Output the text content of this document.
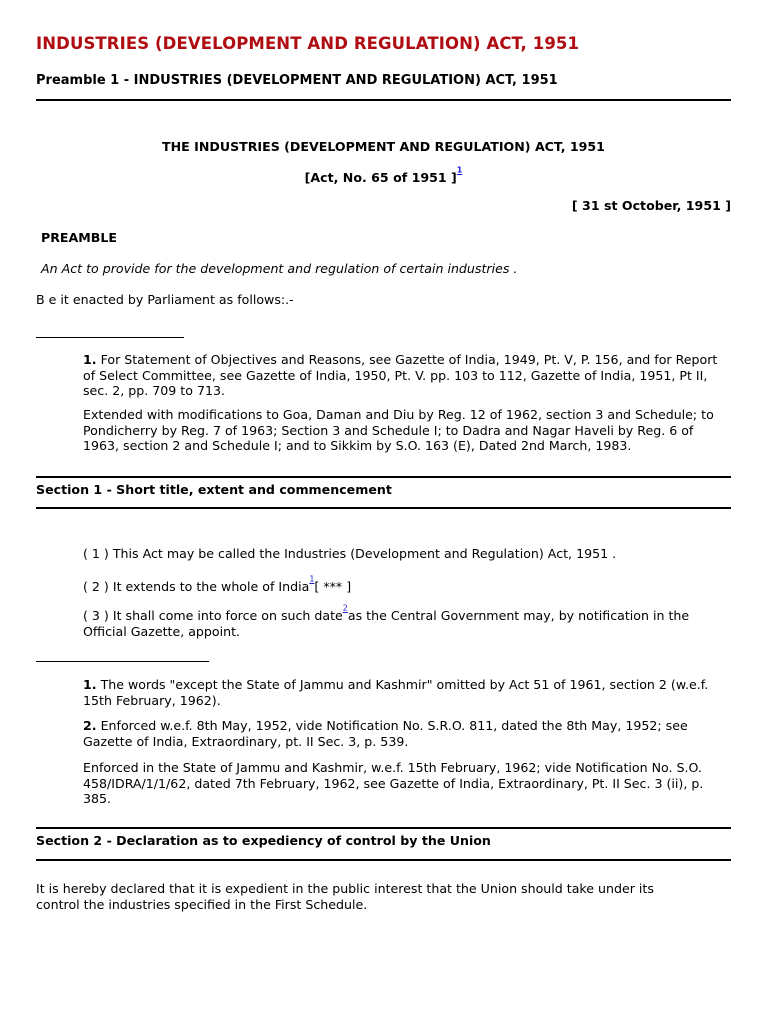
INDUSTRIES (DEVELOPMENT AND REGULATION) ACT, 1951
Preamble 1 - INDUSTRIES (DEVELOPMENT AND REGULATION) ACT, 1951
THE INDUSTRIES (DEVELOPMENT AND REGULATION) ACT, 1951
[Act, No. 65 of 1951 ]$^{^1}$
[ 31 st October, 1951 ]
PREAMBLE
An Act to provide for the development and regulation of certain industries .
B e it enacted by Parliament as follows:.-
1. For Statement of Objectives and Reasons, see Gazette of India, 1949, Pt. V, P. 156, and for Report of Select Committee, see Gazette of India, 1950, Pt. V. pp. 103 to 112, Gazette of India, 1951, Pt II, sec. 2, pp. 709 to 713.
Extended with modifications to Goa, Daman and Diu by Reg. 12 of 1962, section 3 and Schedule; to Pondicherry by Reg. 7 of 1963; Section 3 and Schedule I; to Dadra and Nagar Haveli by Reg. 6 of 1963, section 2 and Schedule I; and to Sikkim by S.O. 163 (E), Dated 2nd March, 1983.
Section 1 - Short title, extent and commencement
( 1 ) This Act may be called the Industries (Development and Regulation) Act, 1951 .
( 2 ) It extends to the whole of India$^{^1}$[ *** ]
( 3 ) It shall come into force on such date$^{^2}$as the Central Government may, by notification in the Official Gazette, appoint.
1. The words "except the State of Jammu and Kashmir" omitted by Act 51 of 1961, section 2 (w.e.f. 15th February, 1962).
2. Enforced w.e.f. 8th May, 1952, vide Notification No. S.R.O. 811, dated the 8th May, 1952; see Gazette of India, Extraordinary, pt. II Sec. 3, p. 539.
Enforced in the State of Jammu and Kashmir, w.e.f. 15th February, 1962; vide Notification No. S.O. 458/IDRA/1/1/62, dated 7th February, 1962, see Gazette of India, Extraordinary, Pt. II Sec. 3 (ii), p. 385.
Section 2 - Declaration as to expediency of control by the Union
It is hereby declared that it is expedient in the public interest that the Union should take under its control the industries specified in the First Schedule.
